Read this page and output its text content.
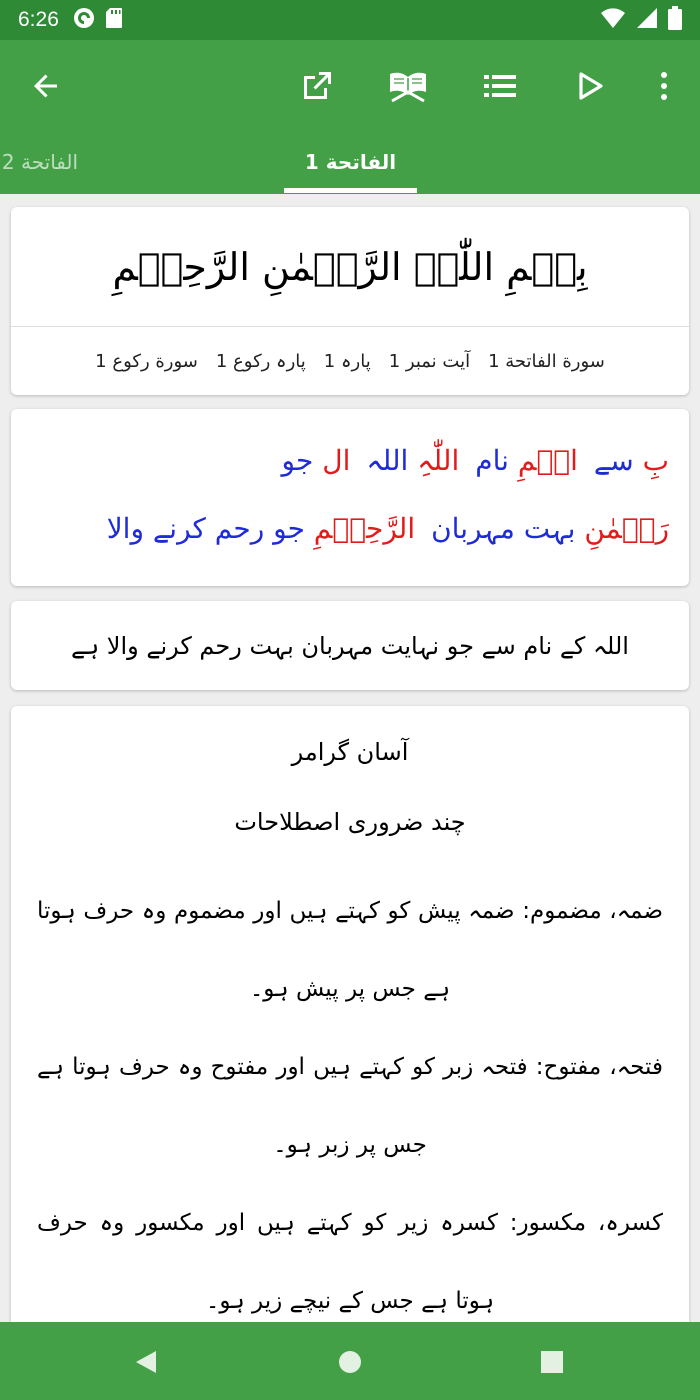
6:26
الفاتحة 2	الفاتحة 1
بِسۡمِ اللّٰہِ الرَّحۡمٰنِ الرَّحِیۡمِ
سورة الفاتحة 1
آیت نمبر 1
پارہ 1
پارہ رکوع 1
سورة رکوع 1
بِ سے
اسۡمِ نام
اللّٰہِ اللہ
ال جو
رَحۡمٰنِ بہت مہربان
الرَّحِیۡمِ جو رحم کرنے والا
اللہ کے نام سے جو نہایت مہربان بہت رحم کرنے والا ہے
آسان گرامر
چند ضروری اصطلاحات
ضمہ، مضموم: ضمہ پیش کو کہتے ہیں اور مضموم وہ حرف ہوتا ہے جس پر پیش ہو۔
فتحہ، مفتوح: فتحہ زبر کو کہتے ہیں اور مفتوح وہ حرف ہوتا ہے جس پر زبر ہو۔
کسرہ، مکسور: کسرہ زیر کو کہتے ہیں اور مکسور وہ حرف ہوتا ہے جس کے نیچے زیر ہو۔
